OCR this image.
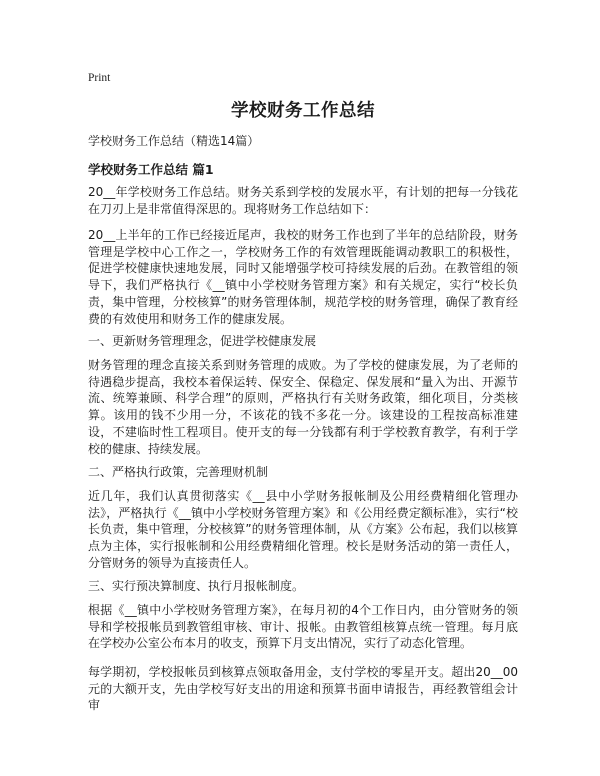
Print
学校财务工作总结
学校财务工作总结（精选14篇）
学校财务工作总结 篇1

20__年学校财务工作总结。财务关系到学校的发展水平，有计划的把每一分钱花在刀刃上是非常值得深思的。现将财务工作总结如下：

20__上半年的工作已经接近尾声，我校的财务工作也到了半年的总结阶段，财务管理是学校中心工作之一，学校财务工作的有效管理既能调动教职工的积极性，促进学校健康快速地发展，同时又能增强学校可持续发展的后劲。在教管组的领导下，我们严格执行《__镇中小学校财务管理方案》和有关规定，实行“校长负责，集中管理，分校核算”的财务管理体制，规范学校的财务管理，确保了教育经费的有效使用和财务工作的健康发展。

一、更新财务管理理念，促进学校健康发展

财务管理的理念直接关系到财务管理的成败。为了学校的健康发展，为了老师的待遇稳步提高，我校本着保运转、保安全、保稳定、保发展和“量入为出、开源节流、统筹兼顾、科学合理”的原则，严格执行有关财务政策，细化项目，分类核算。该用的钱不少用一分，不该花的钱不多花一分。该建设的工程按高标准建设，不建临时性工程项目。使开支的每一分钱都有利于学校教育教学，有利于学校的健康、持续发展。

二、严格执行政策，完善理财机制

近几年，我们认真贯彻落实《__县中小学财务报帐制及公用经费精细化管理办法》，严格执行《__镇中小学校财务管理方案》和《公用经费定额标准》，实行“校长负责，集中管理，分校核算”的财务管理体制，从《方案》公布起，我们以核算点为主体，实行报帐制和公用经费精细化管理。校长是财务活动的第一责任人，分管财务的领导为直接责任人。

三、实行预决算制度、执行月报帐制度。

根据《__镇中小学校财务管理方案》，在每月初的4个工作日内，由分管财务的领导和学校报帐员到教管组审核、审计、报帐。由教管组核算点统一管理。每月底在学校办公室公布本月的收支，预算下月支出情况，实行了动态化管理。

每学期初，学校报帐员到核算点领取备用金，支付学校的零星开支。超出20__00元的大额开支，先由学校写好支出的用途和预算书面申请报告，再经教管组会计审
